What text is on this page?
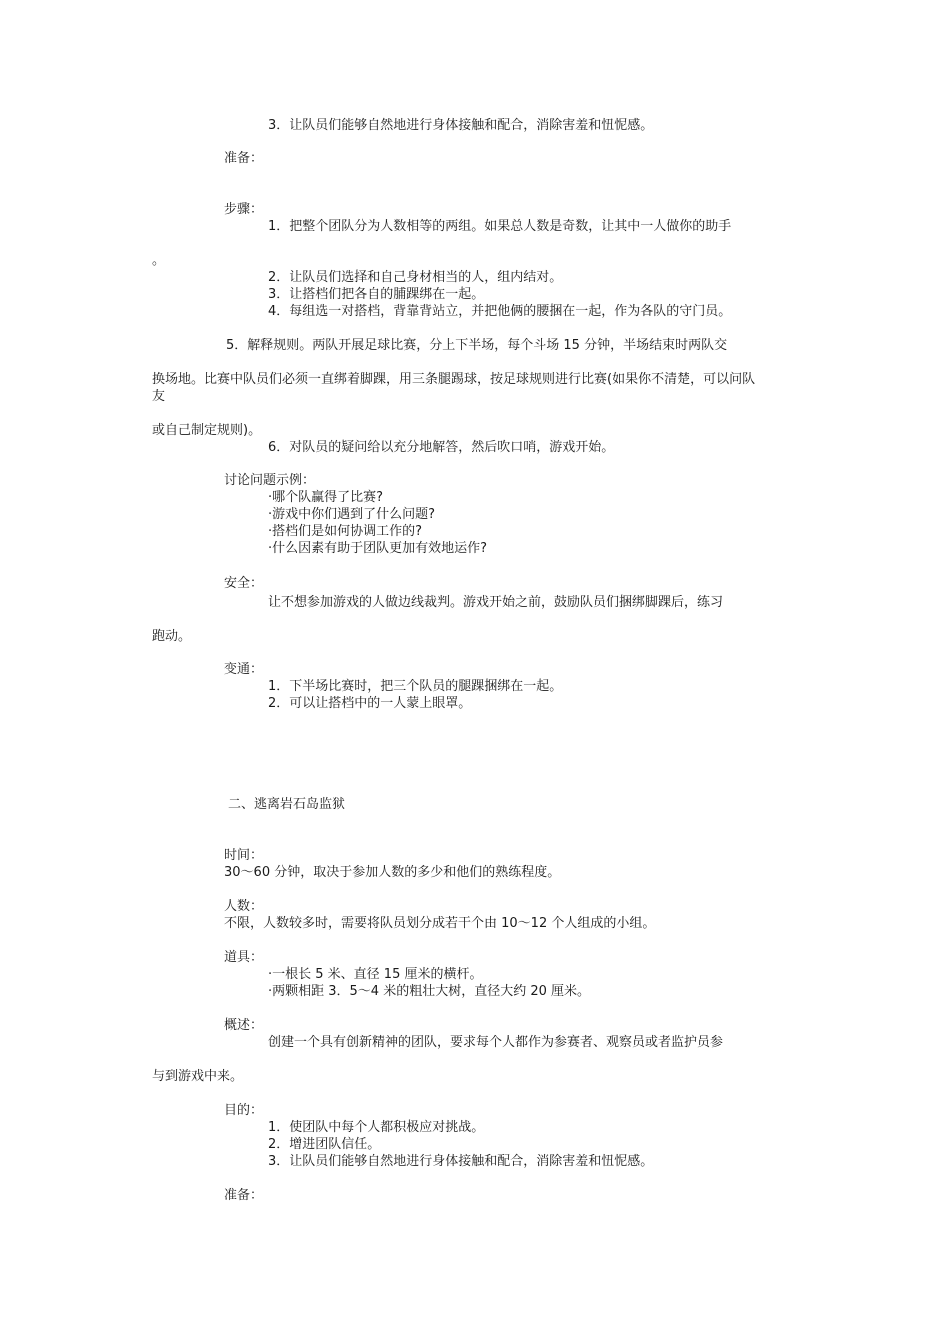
3．让队员们能够自然地进行身体接触和配合，消除害羞和忸怩感。
准备：
步骤：
1．把整个团队分为人数相等的两组。如果总人数是奇数，让其中一人做你的助手
。
2．让队员们选择和自己身材相当的人，组内结对。
3．让搭档们把各自的脯踝绑在一起。
4．每组选一对搭档，背靠背站立，并把他俩的腰捆在一起，作为各队的守门员。
5．解释规则。两队开展足球比赛，分上下半场，每个斗场 15 分钟，半场结束时两队交
换场地。比赛中队员们必须一直绑着脚踝，用三条腿踢球，按足球规则进行比赛(如果你不清楚，可以问队
友
或自己制定规则)。
6．对队员的疑问给以充分地解答，然后吹口哨，游戏开始。
讨论问题示例：
·哪个队赢得了比赛?
·游戏中你们遇到了什么问题?
·搭档们是如何协调工作的?
·什么因素有助于团队更加有效地运作?
安全：
让不想参加游戏的人做边线裁判。游戏开始之前，鼓励队员们捆绑脚踝后，练习
跑动。
变通：
1．下半场比赛时，把三个队员的腿踝捆绑在一起。
2．可以让搭档中的一人蒙上眼罩。
二、逃离岩石岛监狱
时间：
30～60 分钟，取决于参加人数的多少和他们的熟练程度。
人数：
不限，人数较多时，需要将队员划分成若干个由 10～12 个人组成的小组。
道具：
·一根长 5 米、直径 15 厘米的横杆。
·两颗相距 3．5～4 米的粗壮大树，直径大约 20 厘米。
概述：
创建一个具有创新精神的团队，要求每个人都作为参赛者、观察员或者监护员参
与到游戏中来。
目的：
1．使团队中每个人都积极应对挑战。
2．增进团队信任。
3．让队员们能够自然地进行身体接触和配合，消除害羞和忸怩感。
准备：
